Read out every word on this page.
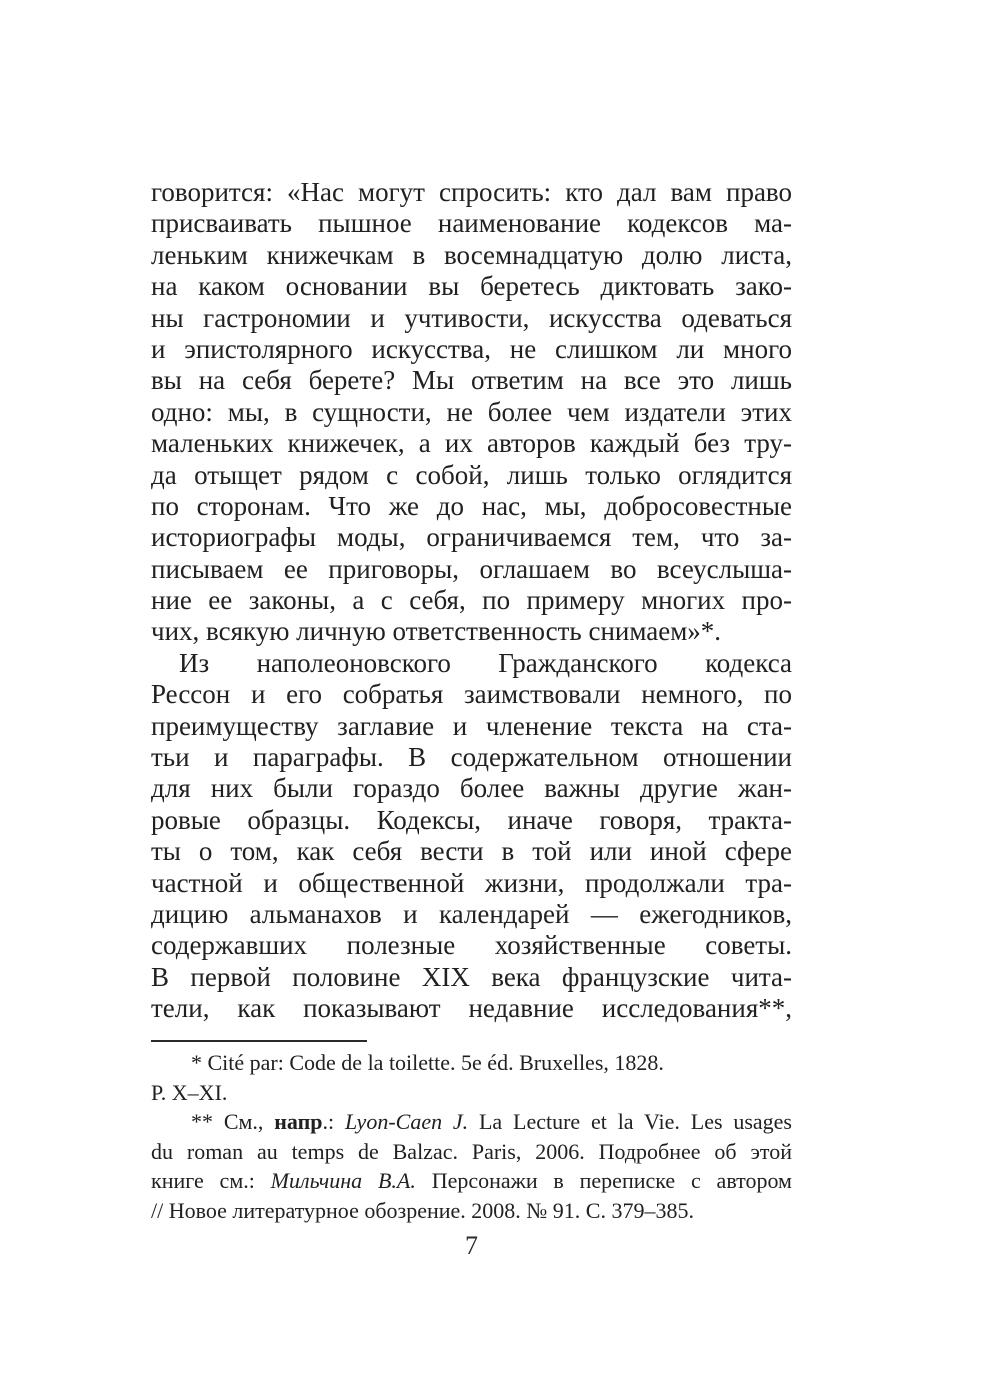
говорится: «Нас могут спросить: кто дал вам право
присваивать пышное наименование кодексов ма-
леньким книжечкам в восемнадцатую долю листа,
на каком основании вы беретесь диктовать зако-
ны гастрономии и учтивости, искусства одеваться
и эпистолярного искусства, не слишком ли много
вы на себя берете? Мы ответим на все это лишь
одно: мы, в сущности, не более чем издатели этих
маленьких книжечек, а их авторов каждый без тру-
да отыщет рядом с собой, лишь только оглядится
по сторонам. Что же до нас, мы, добросовестные
историографы моды, ограничиваемся тем, что за-
писываем ее приговоры, оглашаем во всеуслыша-
ние ее законы, а с себя, по примеру многих про-
чих, всякую личную ответственность снимаем»*.
Из наполеоновского Гражданского кодекса
Рессон и его собратья заимствовали немного, по
преимуществу заглавие и членение текста на ста-
тьи и параграфы. В содержательном отношении
для них были гораздо более важны другие жан-
ровые образцы. Кодексы, иначе говоря, тракта-
ты о том, как себя вести в той или иной сфере
частной и общественной жизни, продолжали тра-
дицию альманахов и календарей — ежегодников,
содержавших полезные хозяйственные советы.
В первой половине XIX века французские чита-
тели, как показывают недавние исследования**,
* Cité par: Code de la toilette. 5e éd. Bruxelles, 1828.
P. X–XI.
** См., напр.: Lyon-Caen J. La Lecture et la Vie. Les usages
du roman au temps de Balzac. Paris, 2006. Подробнее об этой
книге см.: Мильчина В.А. Персонажи в переписке с автором
// Новое литературное обозрение. 2008. № 91. С. 379–385.
7
